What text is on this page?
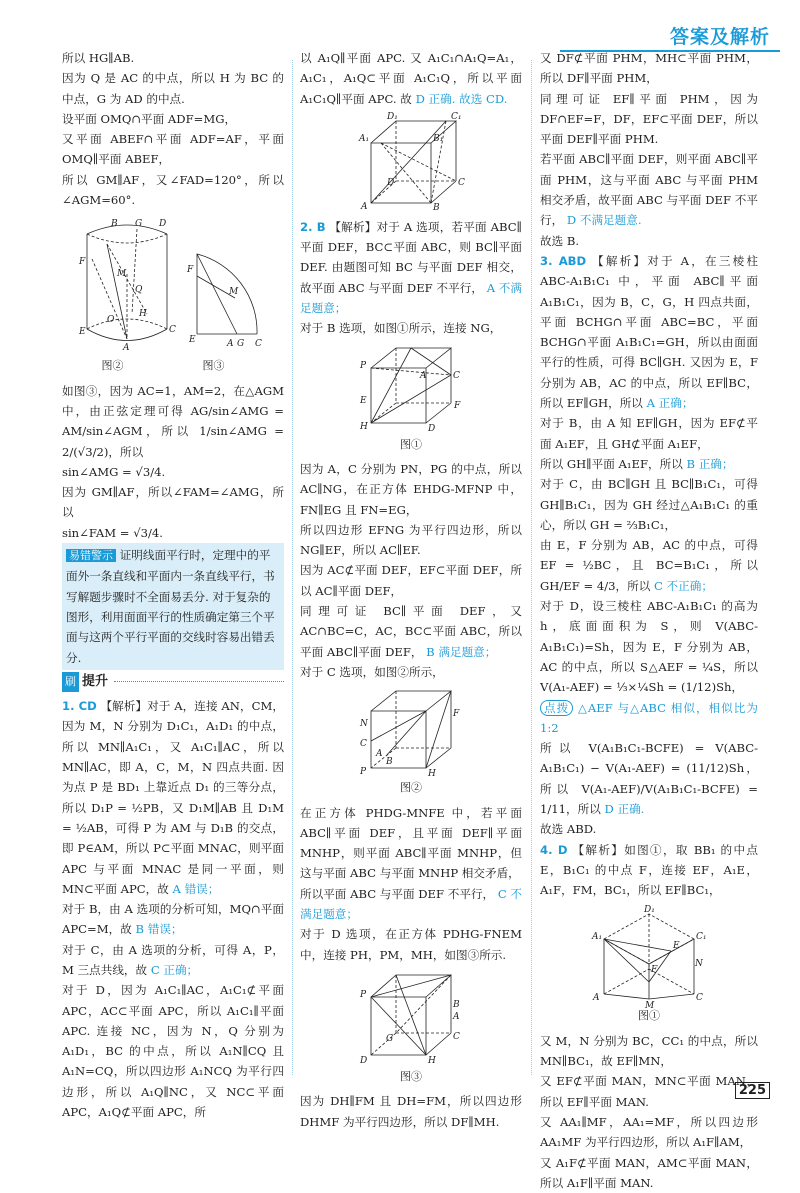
答案及解析

所以 HG∥AB.

因为 Q 是 AC 的中点，所以 H 为 BC 的中点，G 为 AD 的中点.

设平面 OMQ∩平面 ADF=MG，

又平面 ABEF∩平面 ADF=AF，平面 OMQ∥平面 ABEF，

所以 GM∥AF，又∠FAD=120°，所以∠AGM=60°.

F
B G D
M
Q
H
O
E
A
C
F
E	A G C
M
图②	图③

如图③，因为 AC=1，AM=2，在△AGM 中，由正弦定理可得 AG/sin∠AMG = AM/sin∠AGM，所以 1/sin∠AMG = 2/(√3/2)，所以

sin∠AMG = √3/4.

因为 GM∥AF，所以∠FAM=∠AMG，所以

sin∠FAM = √3/4.

易错警示 证明线面平行时，定理中的平面外一条直线和平面内一条直线平行，书写解题步骤时不全面易丢分. 对于复杂的图形，利用面面平行的性质确定第三个平面与这两个平行平面的交线时容易出错丢分.
刷 提升

1. CD 【解析】对于 A，连接 AN，CM，因为 M，N 分别为 D₁C₁，A₁D₁ 的中点，所以 MN∥A₁C₁，又 A₁C₁∥AC，所以 MN∥AC，即 A，C，M，N 四点共面. 因为点 P 是 BD₁ 上靠近点 D₁ 的三等分点，所以 D₁P = ½PB，又 D₁M∥AB 且 D₁M = ½AB，可得 P 为 AM 与 D₁B 的交点，即 P∈AM，所以 P⊂平面 MNAC，则平面 APC 与平面 MNAC 是同一平面，则 MN⊂平面 APC，故 A 错误；

对于 B，由 A 选项的分析可知，MQ∩平面 APC=M，故 B 错误；

对于 C，由 A 选项的分析，可得 A，P，M 三点共线，故 C 正确；

对于 D，因为 A₁C₁∥AC，A₁C₁⊄平面 APC，AC⊂平面 APC，所以 A₁C₁∥平面 APC. 连接 NC，因为 N，Q 分别为 A₁D₁，BC 的中点，所以 A₁N∥CQ 且 A₁N=CQ，所以四边形 A₁NCQ 为平行四边形，所以 A₁Q∥NC，又 NC⊂平面 APC，A₁Q⊄平面 APC，所

以 A₁Q∥平面 APC. 又 A₁C₁∩A₁Q=A₁，A₁C₁，A₁Q⊂平面 A₁C₁Q，所以平面 A₁C₁Q∥平面 APC. 故 D 正确. 故选 CD.

D₁	C₁
A₁	B₁
A	B
C
D

2. B 【解析】对于 A 选项，若平面 ABC∥平面 DEF，BC⊂平面 ABC，则 BC∥平面 DEF. 由题图可知 BC 与平面 DEF 相交，故平面 ABC 与平面 DEF 不平行， A 不满足题意；

对于 B 选项，如图①所示，连接 NG，

P
A	C
E
H	D
F
图①

因为 A，C 分别为 PN，PG 的中点，所以 AC∥NG，在正方体 EHDG-MFNP 中，FN∥EG 且 FN=EG，

所以四边形 EFNG 为平行四边形，所以 NG∥EF，所以 AC∥EF.

因为 AC⊄平面 DEF，EF⊂平面 DEF，所以 AC∥平面 DEF，

同理可证 BC∥平面 DEF，又 AC∩BC=C，AC，BC⊂平面 ABC，所以平面 ABC∥平面 DEF， B 满足题意；

对于 C 选项，如图②所示，

N
C
P
A
B
F
H
图②

在正方体 PHDG-MNFE 中，若平面 ABC∥平面 DEF，且平面 DEF∥平面 MNHP，则平面 ABC∥平面 MNHP，但这与平面 ABC 与平面 MNHP 相交矛盾，

所以平面 ABC 与平面 DEF 不平行， C 不满足题意；

对于 D 选项，在正方体 PDHG-FNEM 中，连接 PH，PM，MH，如图③所示.

P
B
A
G
D	H
C
图③

因为 DH∥FM 且 DH=FM，所以四边形 DHMF 为平行四边形，所以 DF∥MH.

又 DF⊄平面 PHM，MH⊂平面 PHM，所以 DF∥平面 PHM，

同理可证 EF∥平面 PHM，因为 DF∩EF=F，DF，EF⊂平面 DEF，所以平面 DEF∥平面 PHM.

若平面 ABC∥平面 DEF，则平面 ABC∥平面 PHM，这与平面 ABC 与平面 PHM 相交矛盾，故平面 ABC 与平面 DEF 不平行， D 不满足题意.

故选 B.

3. ABD 【解析】对于 A，在三棱柱 ABC-A₁B₁C₁ 中，平面 ABC∥平面 A₁B₁C₁，因为 B，C，G，H 四点共面，平面 BCHG∩平面 ABC=BC，平面 BCHG∩平面 A₁B₁C₁=GH，所以由面面平行的性质，可得 BC∥GH. 又因为 E，F 分别为 AB，AC 的中点，所以 EF∥BC，所以 EF∥GH，所以 A 正确；

对于 B，由 A 知 EF∥GH，因为 EF⊄平面 A₁EF，且 GH⊄平面 A₁EF，

所以 GH∥平面 A₁EF，所以 B 正确；

对于 C，由 BC∥GH 且 BC∥B₁C₁，可得 GH∥B₁C₁，因为 GH 经过△A₁B₁C₁ 的重心，所以 GH = ⅔B₁C₁，

由 E，F 分别为 AB，AC 的中点，可得 EF = ½BC，且 BC=B₁C₁，所以 GH/EF = 4/3，所以 C 不正确；

对于 D，设三棱柱 ABC-A₁B₁C₁ 的高为 h，底面面积为 S，则 V(ABC-A₁B₁C₁)=Sh，因为 E，F 分别为 AB，AC 的中点，所以 S△AEF = ¼S，所以 V(A₁-AEF) = ⅓×¼Sh = (1/12)Sh，

点拨 △AEF 与△ABC 相似，相似比为 1:2

所以 V(A₁B₁C₁-BCFE) = V(ABC-A₁B₁C₁) − V(A₁-AEF) = (11/12)Sh，所以 V(A₁-AEF)/V(A₁B₁C₁-BCFE) = 1/11，所以 D 正确.

故选 ABD.

4. D 【解析】如图①，取 BB₁ 的中点 E，B₁C₁ 的中点 F，连接 EF，A₁E，A₁F，FM，BC₁，所以 EF∥BC₁，

D₁
A₁	C₁
F
E
N
A
M
C
图①

又 M，N 分别为 BC，CC₁ 的中点，所以 MN∥BC₁，故 EF∥MN，

又 EF⊄平面 MAN，MN⊂平面 MAN，所以 EF∥平面 MAN.

又 AA₁∥MF，AA₁=MF，所以四边形 AA₁MF 为平行四边形，所以 A₁F∥AM，

又 A₁F⊄平面 MAN，AM⊂平面 MAN，所以 A₁F∥平面 MAN.

225
